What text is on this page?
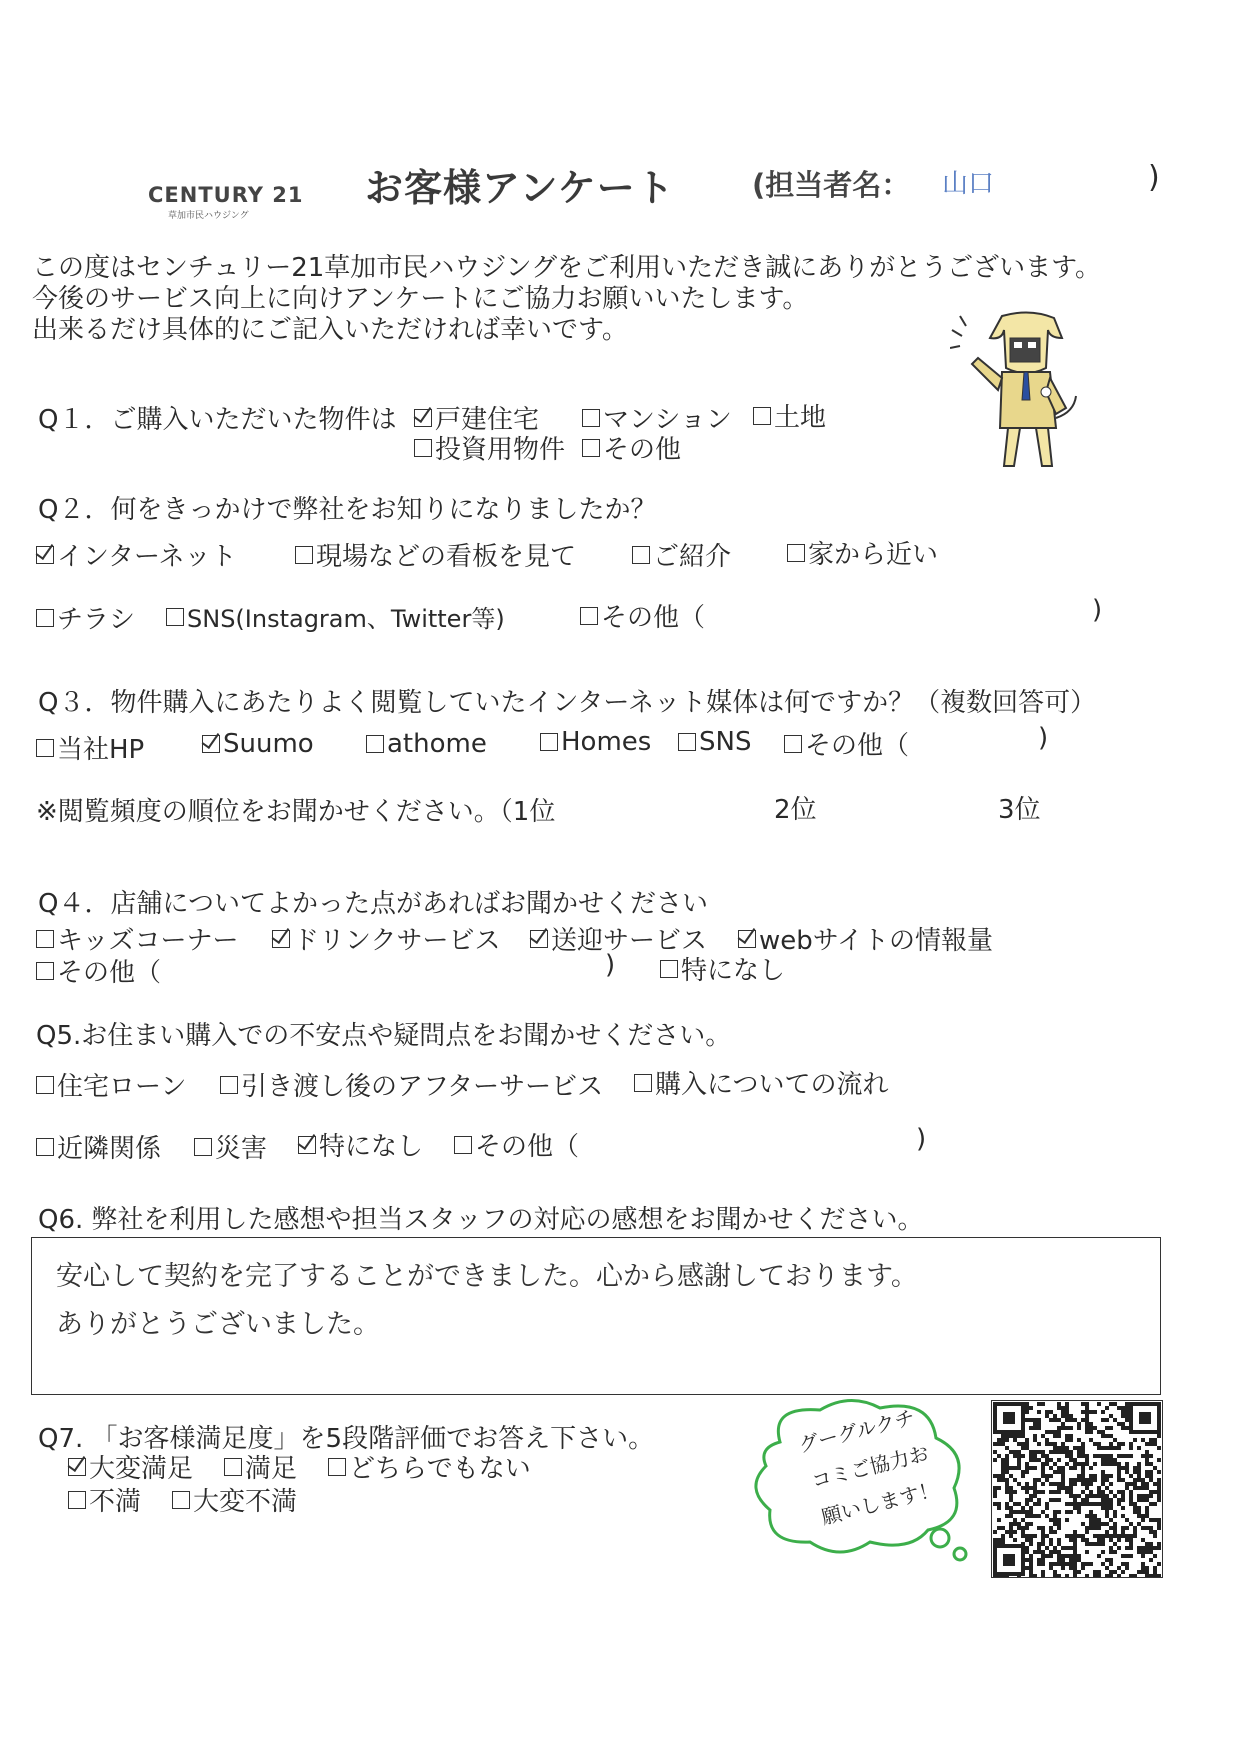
CENTURY 21
草加市民ハウジング
お客様アンケート	(担当者名： 山口	)
この度はセンチュリー21草加市民ハウジングをご利用いただき誠にありがとうございます。
今後のサービス向上に向けアンケートにご協力お願いいたします。
出来るだけ具体的にご記入いただければ幸いです。
Q１．ご購入いただいた物件は 戸建住宅 マンション 土地
投資用物件 その他
Q２．何をきっかけで弊社をお知りになりましたか？
インターネット	現場などの看板を見て	ご紹介	家から近い
チラシ SNS(Instagram、Twitter等)	その他（	)
Q３．物件購入にあたりよく閲覧していたインターネット媒体は何ですか？（複数回答可）
当社HP	Suumo	athome	Homes SNS その他（	)
※閲覧頻度の順位をお聞かせください。（1位	2位	3位
Q４．店舗についてよかった点があればお聞かせください
キッズコーナー ドリンクサービス 送迎サービス webサイトの情報量
その他（	)	特になし
Q5.お住まい購入での不安点や疑問点をお聞かせください。
住宅ローン 引き渡し後のアフターサービス 購入についての流れ
近隣関係 災害 特になし その他（	)
Q6. 弊社を利用した感想や担当スタッフの対応の感想をお聞かせください。
安心して契約を完了することができました。心から感謝しております。
ありがとうございました。
Q7. 「お客様満足度」を5段階評価でお答え下さい。
大変満足 満足 どちらでもない
不満 大変不満
グーグルクチ
コミご協力お
願いします！
